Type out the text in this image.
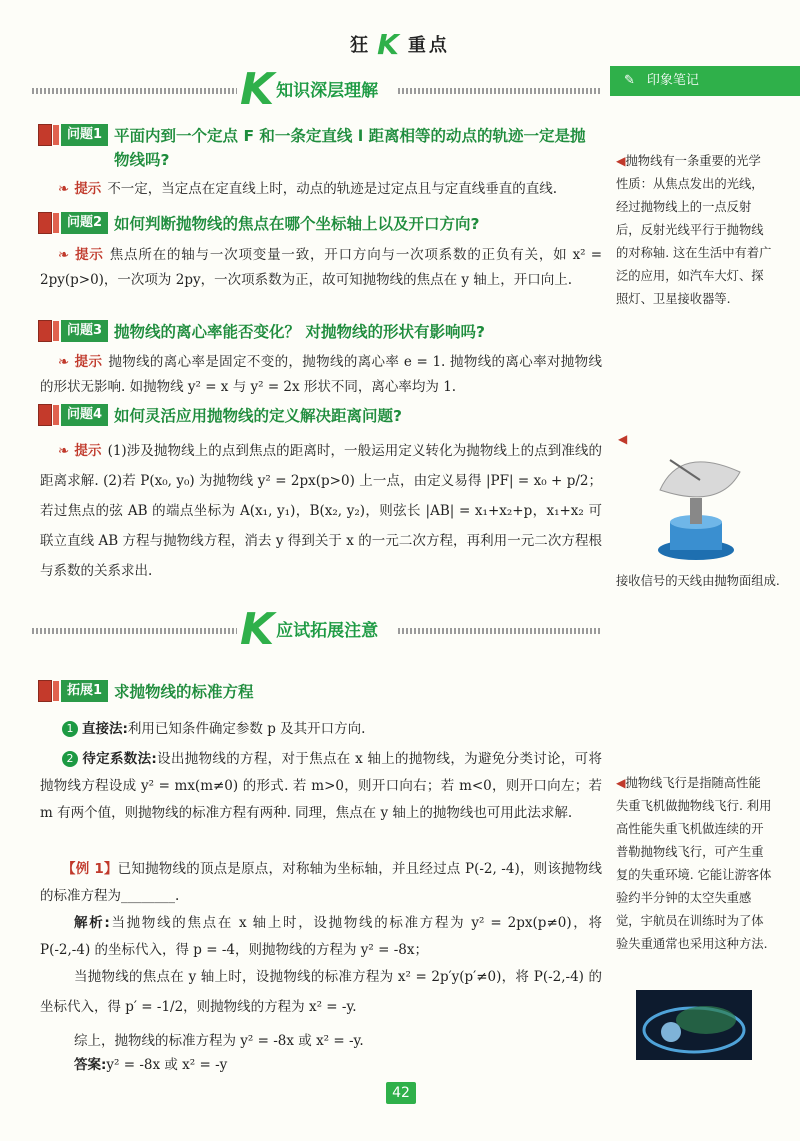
狂 K 重点
K知识深层理解
✎ 印象笔记
问题1 平面内到一个定点 F 和一条定直线 l 距离相等的动点的轨迹一定是抛物线吗?
❧ 提示 不一定，当定点在定直线上时，动点的轨迹是过定点且与定直线垂直的直线.
问题2 如何判断抛物线的焦点在哪个坐标轴上以及开口方向?
❧ 提示 焦点所在的轴与一次项变量一致，开口方向与一次项系数的正负有关，如 x² = 2py(p>0)，一次项为 2py，一次项系数为正，故可知抛物线的焦点在 y 轴上，开口向上.
问题3 抛物线的离心率能否变化？ 对抛物线的形状有影响吗?
❧ 提示 抛物线的离心率是固定不变的，抛物线的离心率 e = 1. 抛物线的离心率对抛物线的形状无影响. 如抛物线 y² = x 与 y² = 2x 形状不同，离心率均为 1.
问题4 如何灵活应用抛物线的定义解决距离问题?
❧ 提示 (1)涉及抛物线上的点到焦点的距离时，一般运用定义转化为抛物线上的点到准线的距离求解. (2)若 P(x₀, y₀) 为抛物线 y² = 2px(p>0) 上一点，由定义易得 |PF| = x₀ + p/2；若过焦点的弦 AB 的端点坐标为 A(x₁, y₁)，B(x₂, y₂)，则弦长 |AB| = x₁+x₂+p，x₁+x₂ 可联立直线 AB 方程与抛物线方程，消去 y 得到关于 x 的一元二次方程，再利用一元二次方程根与系数的关系求出.
◀抛物线有一条重要的光学性质：从焦点发出的光线，经过抛物线上的一点反射后，反射光线平行于抛物线的对称轴. 这在生活中有着广泛的应用，如汽车大灯、探照灯、卫星接收器等.
◀
接收信号的天线由抛物面组成.
K应试拓展注意
拓展1 求抛物线的标准方程
1 直接法:利用已知条件确定参数 p 及其开口方向.
2 待定系数法:设出抛物线的方程，对于焦点在 x 轴上的抛物线，为避免分类讨论，可将抛物线方程设成 y² = mx(m≠0) 的形式. 若 m>0，则开口向右；若 m<0，则开口向左；若 m 有两个值，则抛物线的标准方程有两种. 同理，焦点在 y 轴上的抛物线也可用此法求解.
【例 1】已知抛物线的顶点是原点，对称轴为坐标轴，并且经过点 P(-2, -4)，则该抛物线的标准方程为________.
解析:当抛物线的焦点在 x 轴上时，设抛物线的标准方程为 y² = 2px(p≠0)，将 P(-2,-4) 的坐标代入，得 p = -4，则抛物线的方程为 y² = -8x；
当抛物线的焦点在 y 轴上时，设抛物线的标准方程为 x² = 2p′y(p′≠0)，将 P(-2,-4) 的坐标代入，得 p′ = -1/2，则抛物线的方程为 x² = -y.
综上，抛物线的标准方程为 y² = -8x 或 x² = -y.
答案:y² = -8x 或 x² = -y
◀抛物线飞行是指随高性能失重飞机做抛物线飞行. 利用高性能失重飞机做连续的开普勒抛物线飞行，可产生重复的失重环境. 它能让游客体验约半分钟的太空失重感觉，宇航员在训练时为了体验失重通常也采用这种方法.
42
